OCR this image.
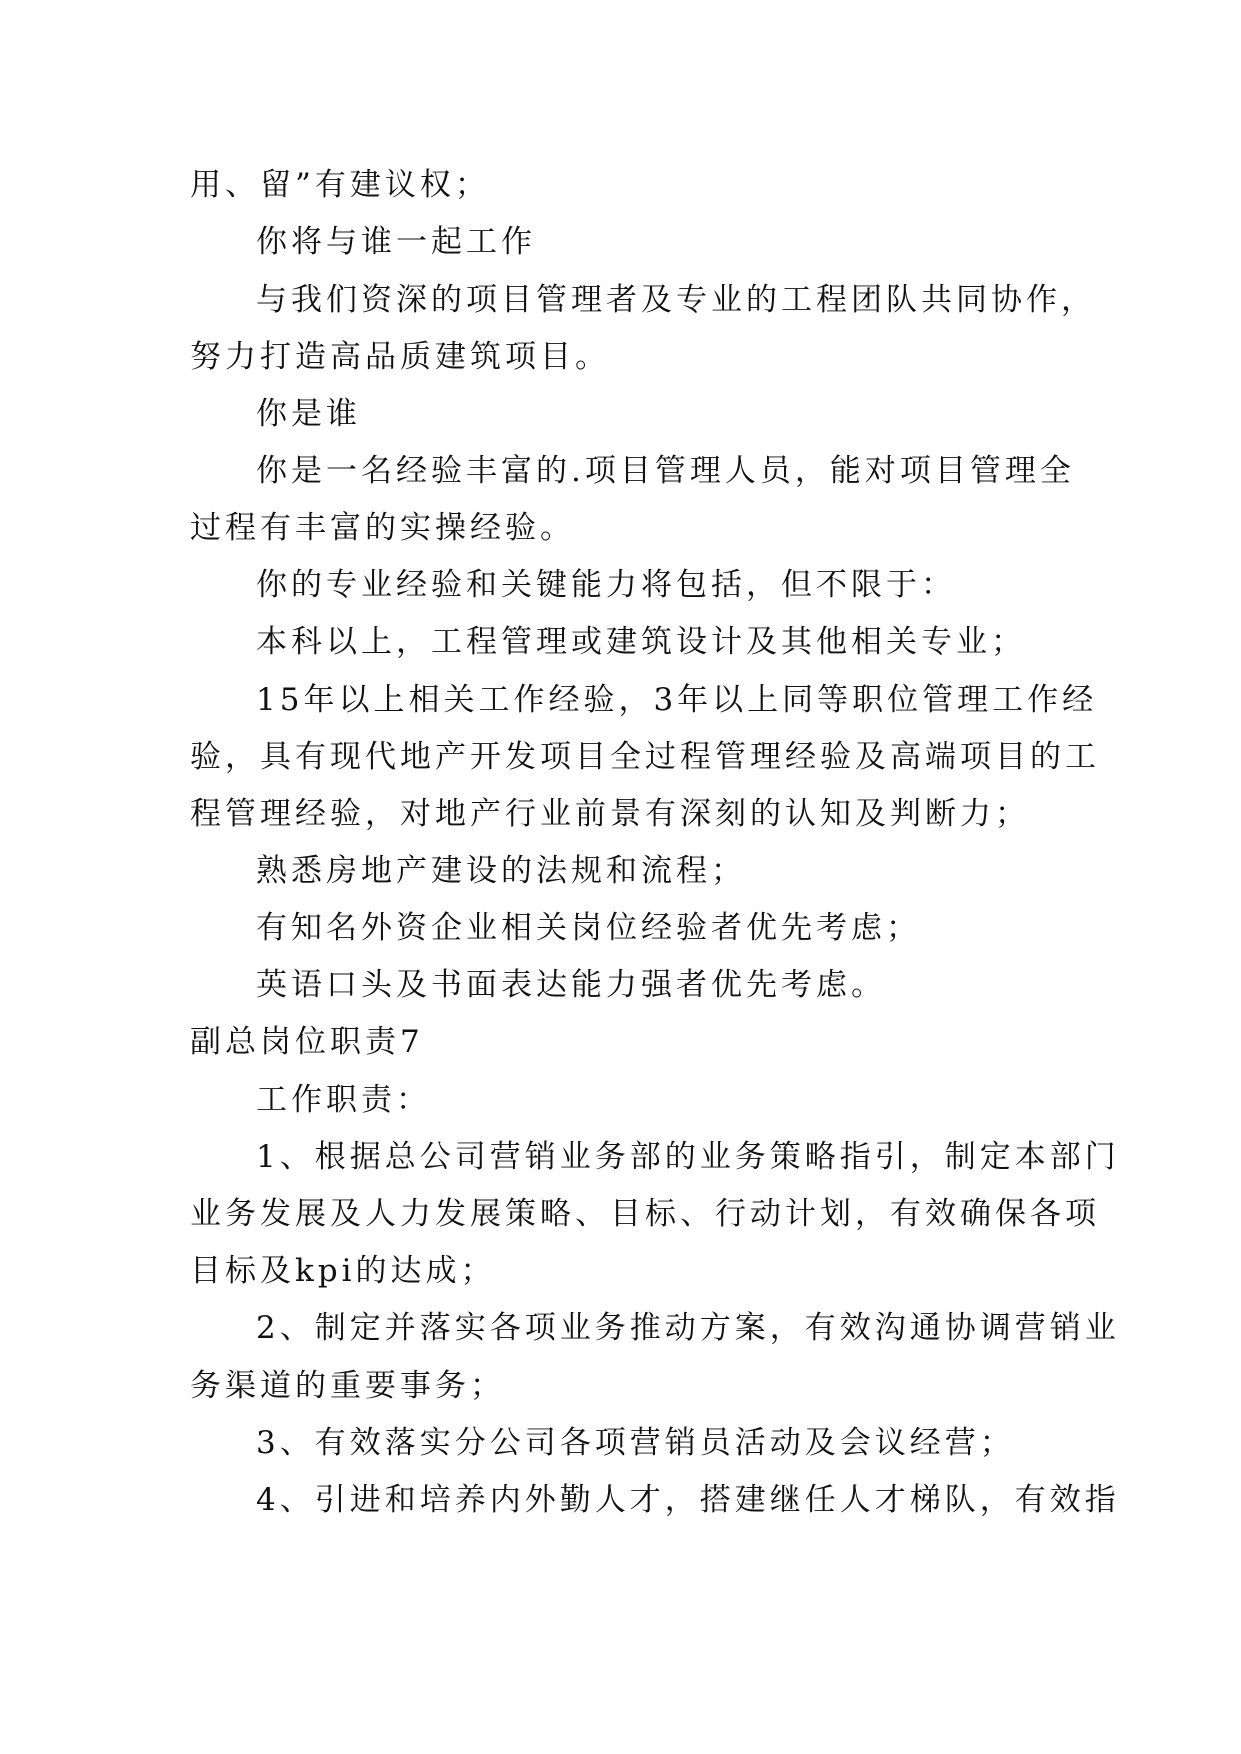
用、留”有建议权；
你将与谁一起工作
与我们资深的项目管理者及专业的工程团队共同协作，
努力打造高品质建筑项目。
你是谁
你是一名经验丰富的.项目管理人员，能对项目管理全
过程有丰富的实操经验。
你的专业经验和关键能力将包括，但不限于：
本科以上，工程管理或建筑设计及其他相关专业；
15年以上相关工作经验，3年以上同等职位管理工作经
验，具有现代地产开发项目全过程管理经验及高端项目的工
程管理经验，对地产行业前景有深刻的认知及判断力；
熟悉房地产建设的法规和流程；
有知名外资企业相关岗位经验者优先考虑；
英语口头及书面表达能力强者优先考虑。
副总岗位职责7
工作职责：
1、根据总公司营销业务部的业务策略指引，制定本部门
业务发展及人力发展策略、目标、行动计划，有效确保各项
目标及kpi的达成；
2、制定并落实各项业务推动方案，有效沟通协调营销业
务渠道的重要事务；
3、有效落实分公司各项营销员活动及会议经营；
4、引进和培养内外勤人才，搭建继任人才梯队，有效指
